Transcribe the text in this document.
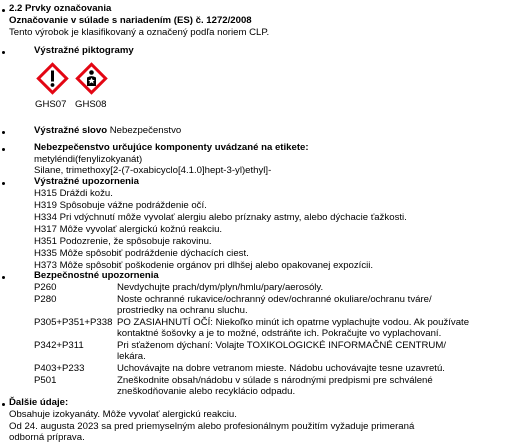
2.2 Prvky označovania
Označovanie v súlade s nariadením (ES) č. 1272/2008
Tento výrobok je klasifikovaný a označený podľa noriem CLP.
Výstražné piktogramy
GHS07 GHS08
Výstražné slovo Nebezpečenstvo
Nebezpečenstvo určujúce komponenty uvádzané na etikete:
metyléndi(fenylizokyanát)
Silane, trimethoxy[2-(7-oxabicyclo[4.1.0]hept-3-yl)ethyl]-
Výstražné upozornenia
H315 Dráždi kožu.
H319 Spôsobuje vážne podráždenie očí.
H334 Pri vdýchnutí môže vyvolať alergiu alebo príznaky astmy, alebo dýchacie ťažkosti.
H317 Môže vyvolať alergickú kožnú reakciu.
H351 Podozrenie, že spôsobuje rakovinu.
H335 Môže spôsobiť podráždenie dýchacích ciest.
H373 Môže spôsobiť poškodenie orgánov pri dlhšej alebo opakovanej expozícii.
Bezpečnostné upozornenia
P260	Nevdychujte prach/dym/plyn/hmlu/pary/aerosóly.
P280	Noste ochranné rukavice/ochranný odev/ochranné okuliare/ochranu tváre/
prostriedky na ochranu sluchu.
P305+P351+P338 PO ZASIAHNUTÍ OČÍ: Niekoľko minút ich opatrne vyplachujte vodou. Ak používate
kontaktné šošovky a je to možné, odstráňte ich. Pokračujte vo vyplachovaní.
P342+P311	Pri sťaženom dýchaní: Volajte TOXIKOLOGICKÉ INFORMAČNÉ CENTRUM/
lekára.
P403+P233	Uchovávajte na dobre vetranom mieste. Nádobu uchovávajte tesne uzavretú.
P501	Zneškodnite obsah/nádobu v súlade s národnými predpismi pre schválené
zneškodňovanie alebo recyklácio odpadu.
Ďalšie údaje:
Obsahuje izokyanáty. Môže vyvolať alergickú reakciu.
Od 24. augusta 2023 sa pred priemyselným alebo profesionálnym použitím vyžaduje primeraná
odborná príprava.
